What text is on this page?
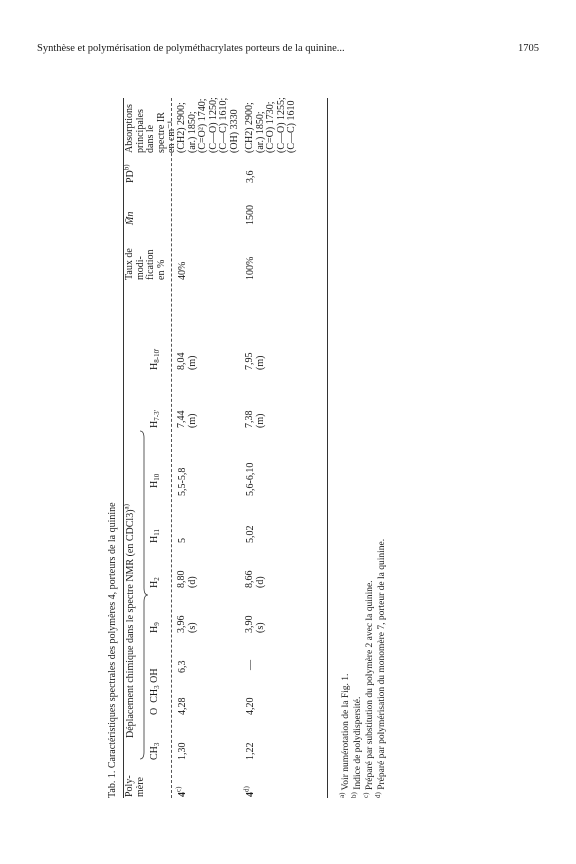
Synthèse et polymérisation de polyméthacrylates porteurs de la quinine...	1705
Tab. 1. Caractéristiques spectrales des polymères 4, porteurs de la quinine Poly- mère
Déplacement chimique dans le spectre NMR (en CDCl3)$^{a)}$
Taux de modi- fication en %
M̄n
PD$^{b)}$
Absorptions principales dans le spectre IR en cm⁻¹
$CH_3$
O  $CH_3$ OH
$H_9$
$H_2$
$H_{11}$
$H_{10}$
$H_{7-3'}$
$H_{8-10'}$
4$^{c)}$
1,30
4,28
6,3
3,96 (s)
8,80 (d)
5
5,5-5,8
7,44 (m)
8,04 (m)
40%
(CH2) 2900; (ar.) 1850; (C=O²) 1740; (C—O) 1250; (C—C) 1610; (OH) 3330
4$^{d)}$
1,22
4,20
—
3,90 (s)
8,66 (d)
5,02
5,6-6,10
7,38 (m)
7,95 (m)
100%
1500
3,6
(CH2) 2900; (ar.) 1850; (C=O) 1730; (C—O) 1255; (C—C) 1610
$^{a)}$ Voir numérotation de la Fig. 1.
$^{b)}$ Indice de polydispersité.
$^{c)}$ Préparé par substitution du polymère 2 avec la quinine.
$^{d)}$ Préparé par polymérisation du monomère 7, porteur de la quinine.
